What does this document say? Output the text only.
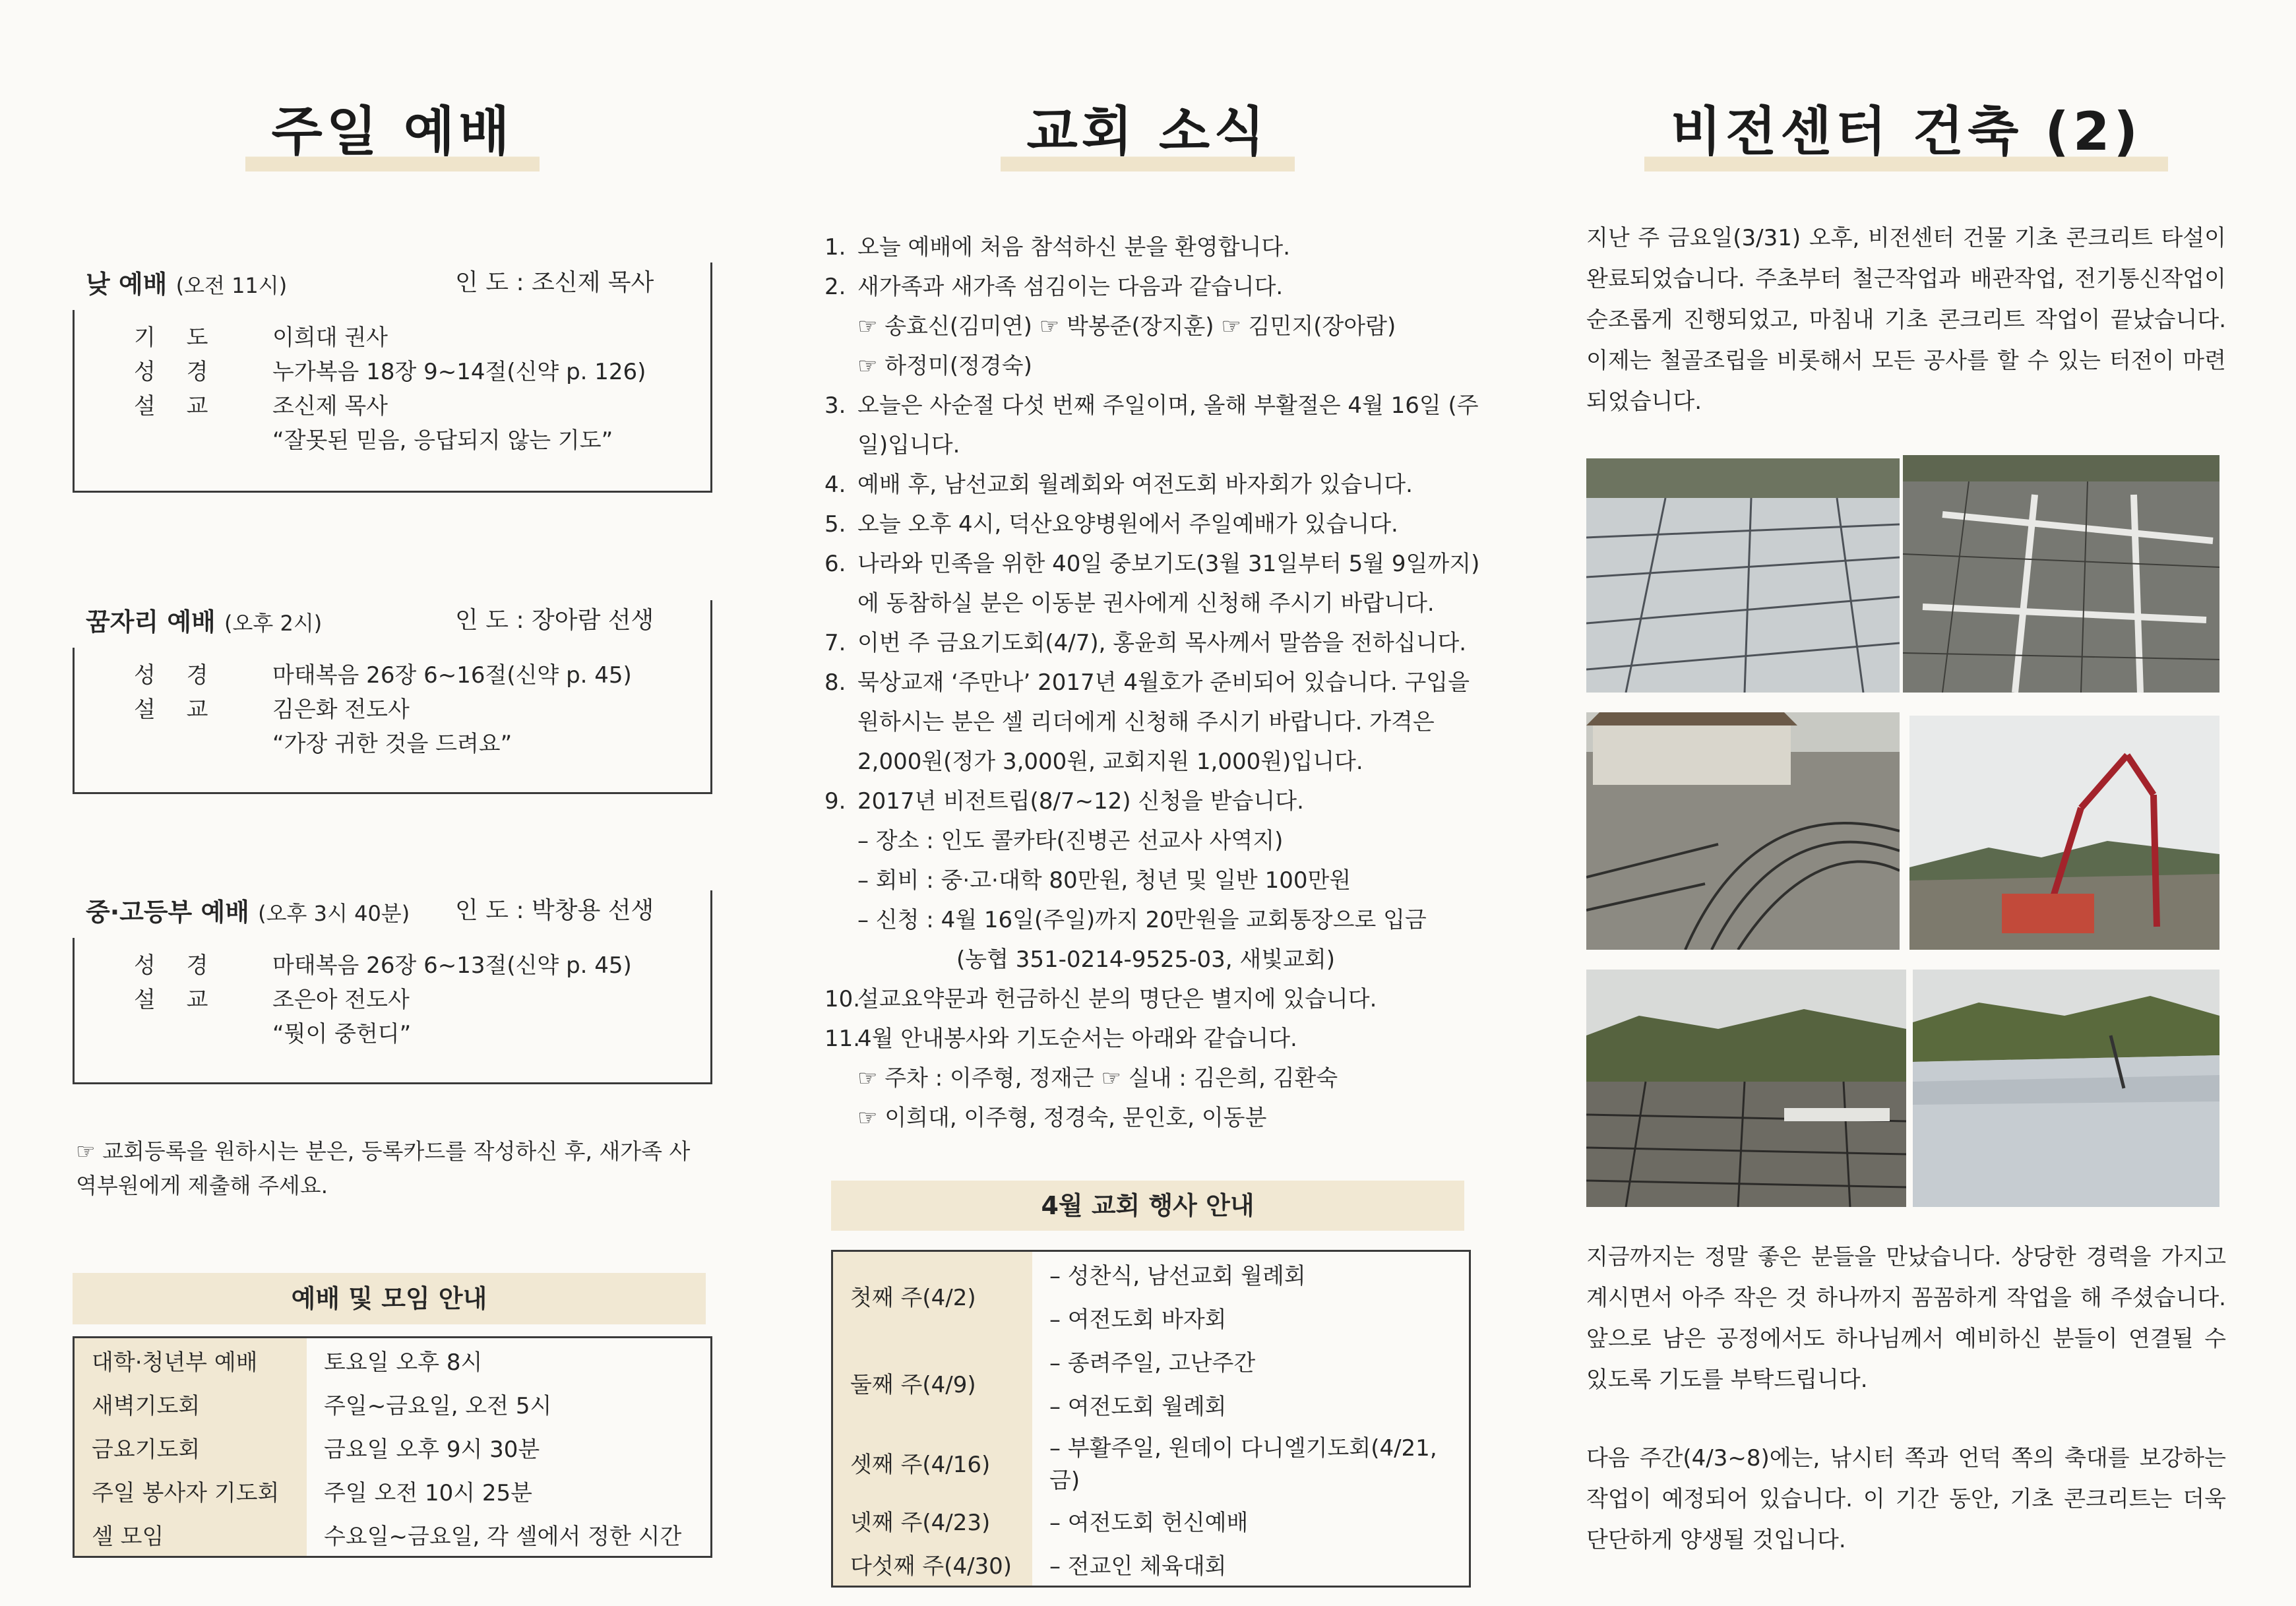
주일 예배
낮 예배 (오전 11시)	인 도 : 조신제 목사
기 도 이희대 권사
성 경 누가복음 18장 9~14절(신약 p. 126)
설 교 조신제 목사
“잘못된 믿음, 응답되지 않는 기도”
꿈자리 예배 (오후 2시)	인 도 : 장아람 선생
성 경 마태복음 26장 6~16절(신약 p. 45)
설 교 김은화 전도사
“가장 귀한 것을 드려요”
중·고등부 예배 (오후 3시 40분) 인 도 : 박창용 선생
성 경 마태복음 26장 6~13절(신약 p. 45)
설 교 조은아 전도사
“뭣이 중헌디”
☞ 교회등록을 원하시는 분은, 등록카드를 작성하신 후, 새가족 사역부원에게 제출해 주세요.
예배 및 모임 안내
대학·청년부 예배	토요일 오후 8시
새벽기도회	주일~금요일, 오전 5시
금요기도회	금요일 오후 9시 30분
주일 봉사자 기도회	주일 오전 10시 25분
셀 모임	수요일~금요일, 각 셀에서 정한 시간
교회 소식
1. 오늘 예배에 처음 참석하신 분을 환영합니다.
2. 새가족과 새가족 섬김이는 다음과 같습니다.
☞ 송효신(김미연) ☞ 박봉준(장지훈) ☞ 김민지(장아람)
☞ 하정미(정경숙)
3. 오늘은 사순절 다섯 번째 주일이며, 올해 부활절은 4월 16일 (주일)입니다.
4. 예배 후, 남선교회 월례회와 여전도회 바자회가 있습니다.
5. 오늘 오후 4시, 덕산요양병원에서 주일예배가 있습니다.
6. 나라와 민족을 위한 40일 중보기도(3월 31일부터 5월 9일까지)에 동참하실 분은 이동분 권사에게 신청해 주시기 바랍니다.
7. 이번 주 금요기도회(4/7), 홍윤희 목사께서 말씀을 전하십니다.
8. 묵상교재 ‘주만나’ 2017년 4월호가 준비되어 있습니다. 구입을 원하시는 분은 셀 리더에게 신청해 주시기 바랍니다. 가격은 2,000원(정가 3,000원, 교회지원 1,000원)입니다.
9. 2017년 비전트립(8/7~12) 신청을 받습니다.
– 장소 : 인도 콜카타(진병곤 선교사 사역지)
– 회비 : 중·고·대학 80만원, 청년 및 일반 100만원
– 신청 : 4월 16일(주일)까지 20만원을 교회통장으로 입금
(농협 351-0214-9525-03, 새빛교회)
10.
설교요약문과 헌금하신 분의 명단은 별지에 있습니다.
11.
4월 안내봉사와 기도순서는 아래와 같습니다.
☞ 주차 : 이주형, 정재근 ☞ 실내 : 김은희, 김환숙
☞ 이희대, 이주형, 정경숙, 문인호, 이동분
4월 교회 행사 안내
첫째 주(4/2)	– 성찬식, 남선교회 월례회
	– 여전도회 바자회
둘째 주(4/9)	– 종려주일, 고난주간
	– 여전도회 월례회
셋째 주(4/16)	– 부활주일, 원데이 다니엘기도회(4/21,금)
넷째 주(4/23)	– 여전도회 헌신예배
다섯째 주(4/30)	– 전교인 체육대회
비전센터 건축 (2)
지난 주 금요일(3/31) 오후, 비전센터 건물 기초 콘크리트 타설이 완료되었습니다. 주초부터 철근작업과 배관작업, 전기통신작업이 순조롭게 진행되었고, 마침내 기초 콘크리트 작업이 끝났습니다. 이제는 철골조립을 비롯해서 모든 공사를 할 수 있는 터전이 마련되었습니다.
지금까지는 정말 좋은 분들을 만났습니다. 상당한 경력을 가지고 계시면서 아주 작은 것 하나까지 꼼꼼하게 작업을 해 주셨습니다. 앞으로 남은 공정에서도 하나님께서 예비하신 분들이 연결될 수 있도록 기도를 부탁드립니다.
다음 주간(4/3~8)에는, 낚시터 쪽과 언덕 쪽의 축대를 보강하는 작업이 예정되어 있습니다. 이 기간 동안, 기초 콘크리트는 더욱 단단하게 양생될 것입니다.
